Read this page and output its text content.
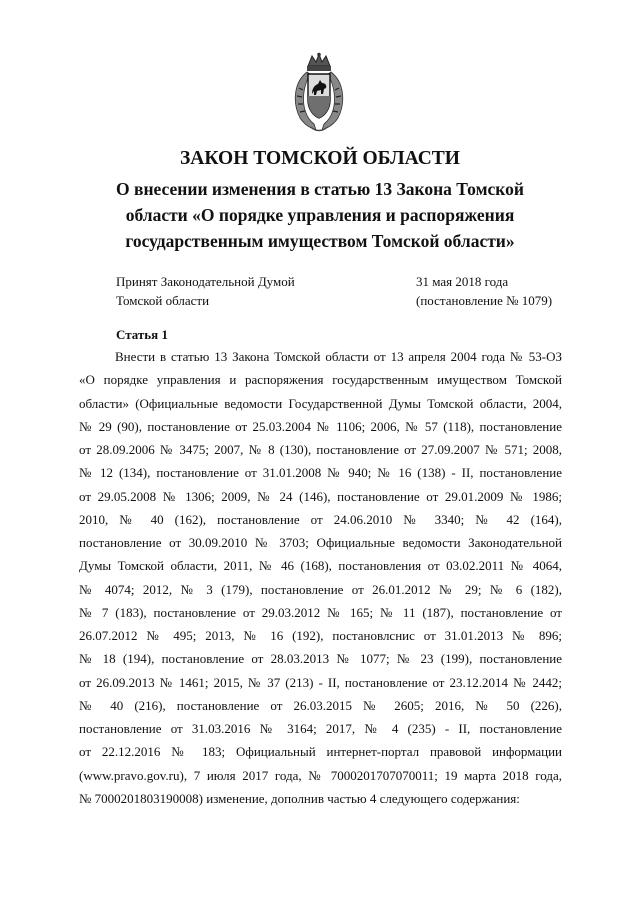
ЗАКОН ТОМСКОЙ ОБЛАСТИ
О внесении изменения в статью 13 Закона Томской
области «О порядке управления и распоряжения
государственным имуществом Томской области»
Принят Законодательной Думой
Томской области
31 мая 2018 года
(постановление № 1079)
Статья 1
Внести в статью 13 Закона Томской области от 13 апреля 2004 года № 53-ОЗ
«О порядке управления и распоряжения государственным имуществом Томской
области» (Официальные ведомости Государственной Думы Томской области, 2004,
№ 29 (90), постановление от 25.03.2004 № 1106; 2006, № 57 (118), постановление
от 28.09.2006 № 3475; 2007, № 8 (130), постановление от 27.09.2007 № 571; 2008,
№ 12 (134), постановление от 31.01.2008 № 940; № 16 (138) - II, постановление
от 29.05.2008 № 1306; 2009, № 24 (146), постановление от 29.01.2009 № 1986;
2010, № 40 (162), постановление от 24.06.2010 № 3340; № 42 (164),
постановление от 30.09.2010 № 3703; Официальные ведомости Законодательной
Думы Томской области, 2011, № 46 (168), постановления от 03.02.2011 № 4064,
№ 4074; 2012, № 3 (179), постановление от 26.01.2012 № 29; № 6 (182),
№ 7 (183), постановление от 29.03.2012 № 165; № 11 (187), постановление от
26.07.2012 № 495; 2013, № 16 (192), постановлснис от 31.01.2013 № 896;
№ 18 (194), постановление от 28.03.2013 № 1077; № 23 (199), постановление
от 26.09.2013 № 1461; 2015, № 37 (213) - II, постановление от 23.12.2014 № 2442;
№ 40 (216), постановление от 26.03.2015 № 2605; 2016, № 50 (226),
постановление от 31.03.2016 № 3164; 2017, № 4 (235) - II, постановление
от 22.12.2016 № 183; Официальный интернет-портал правовой информации
(www.pravo.gov.ru), 7 июля 2017 года, № 7000201707070011; 19 марта 2018 года,
№ 7000201803190008) изменение, дополнив частью 4 следующего содержания:
